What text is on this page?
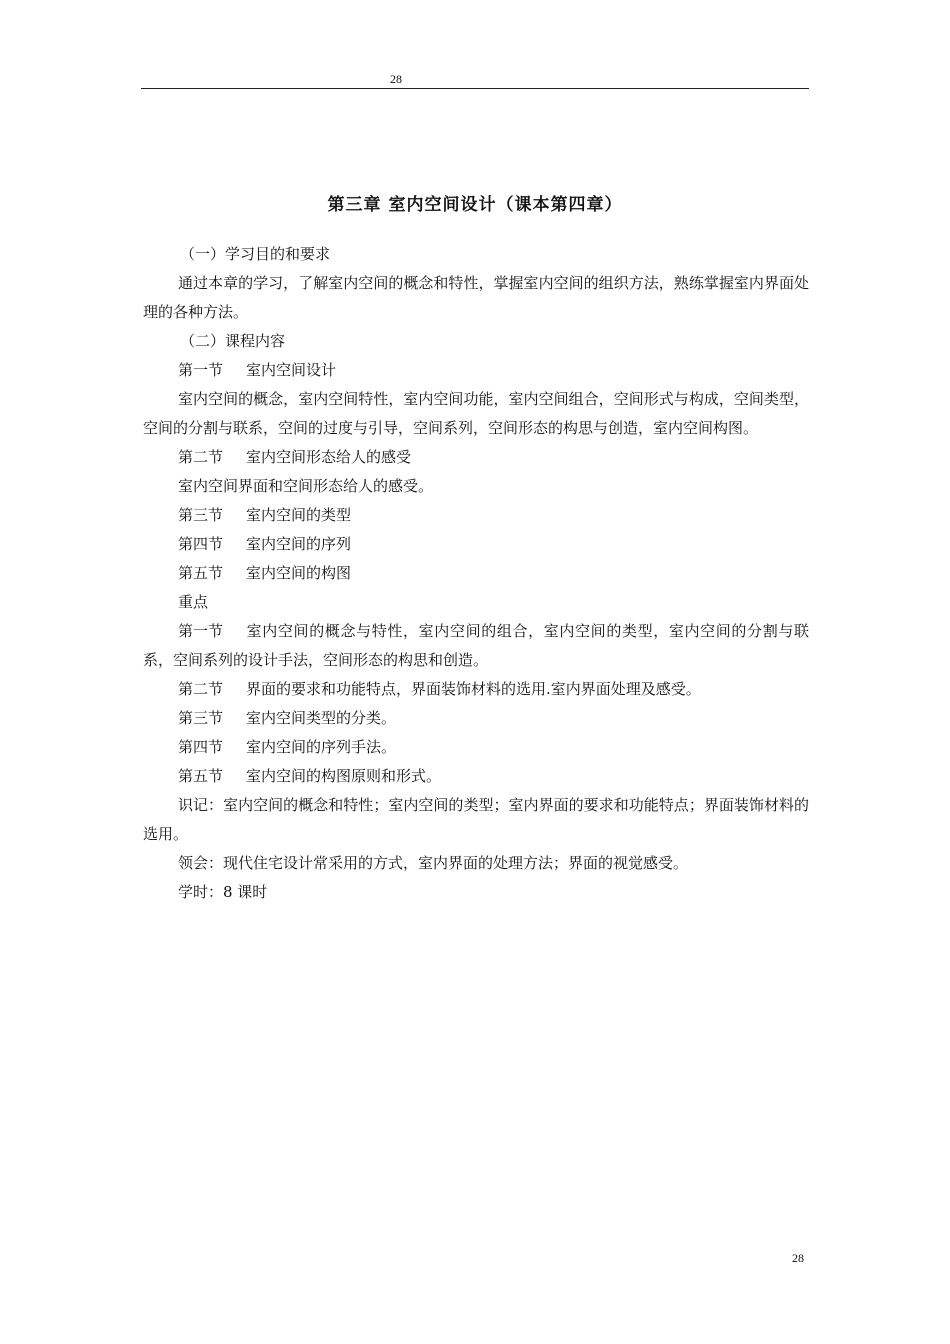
28
第三章 室内空间设计（课本第四章）

（一）学习目的和要求

通过本章的学习，了解室内空间的概念和特性，掌握室内空间的组织方法，熟练掌握室内界面处理的各种方法。

（二）课程内容

第一节 室内空间设计

室内空间的概念，室内空间特性，室内空间功能，室内空间组合，空间形式与构成，空间类型，空间的分割与联系，空间的过度与引导，空间系列，空间形态的构思与创造，室内空间构图。

第二节 室内空间形态给人的感受

室内空间界面和空间形态给人的感受。

第三节 室内空间的类型

第四节 室内空间的序列

第五节 室内空间的构图

重点

第一节 室内空间的概念与特性，室内空间的组合，室内空间的类型，室内空间的分割与联系，空间系列的设计手法，空间形态的构思和创造。

第二节 界面的要求和功能特点，界面装饰材料的选用.室内界面处理及感受。

第三节 室内空间类型的分类。

第四节 室内空间的序列手法。

第五节 室内空间的构图原则和形式。

识记：室内空间的概念和特性；室内空间的类型；室内界面的要求和功能特点；界面装饰材料的选用。

领会：现代住宅设计常采用的方式，室内界面的处理方法；界面的视觉感受。

学时：8 课时

28
